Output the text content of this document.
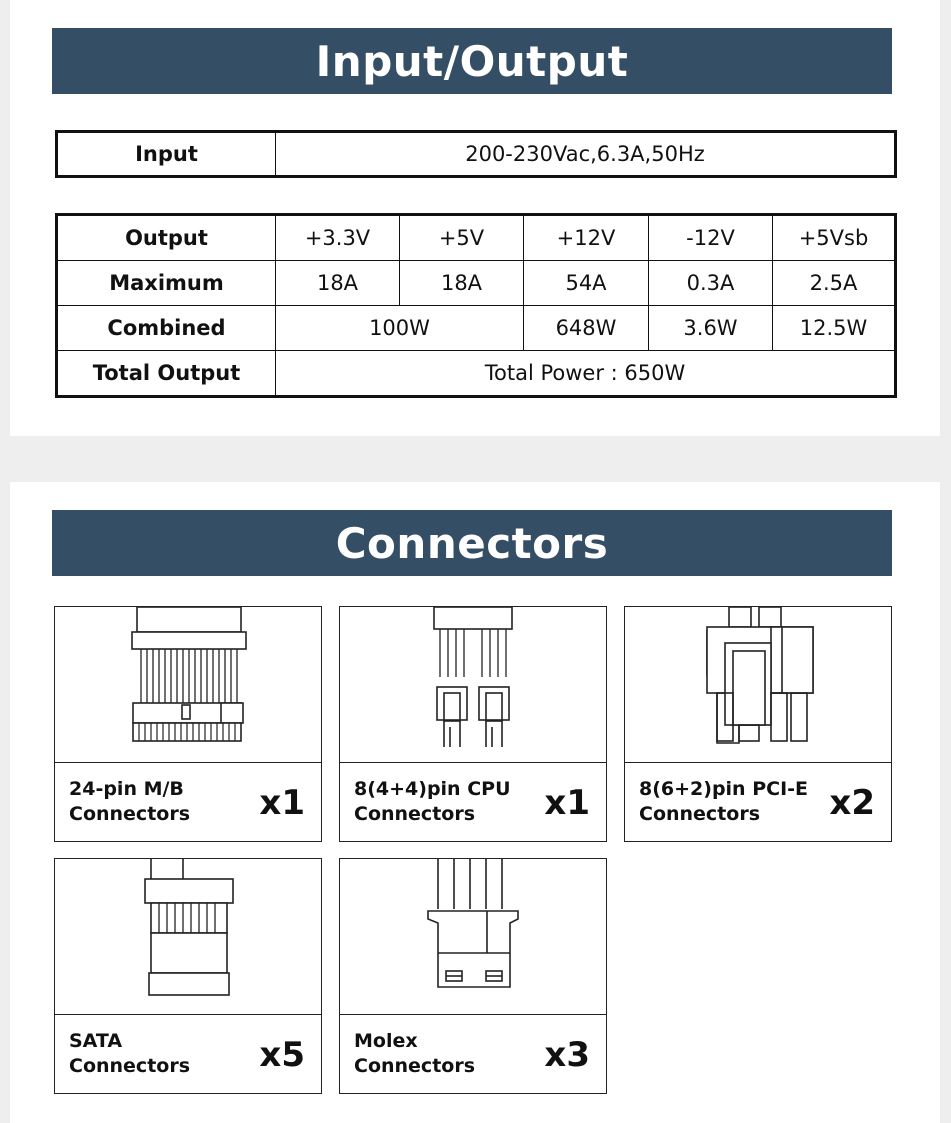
Input/Output
Input	200-230Vac,6.3A,50Hz
Output	+3.3V	+5V	+12V	-12V	+5Vsb
Maximum	18A	18A	54A	0.3A	2.5A
Combined	100W		648W	3.6W	12.5W
Total Output	Total Power : 650W				
Connectors
24-pin M/B
Connectors	x1	8(4+4)pin CPU
Connectors	x1	8(6+2)pin PCI-E
Connectors	x2
SATA
Connectors	x5	Molex
Connectors	x3
